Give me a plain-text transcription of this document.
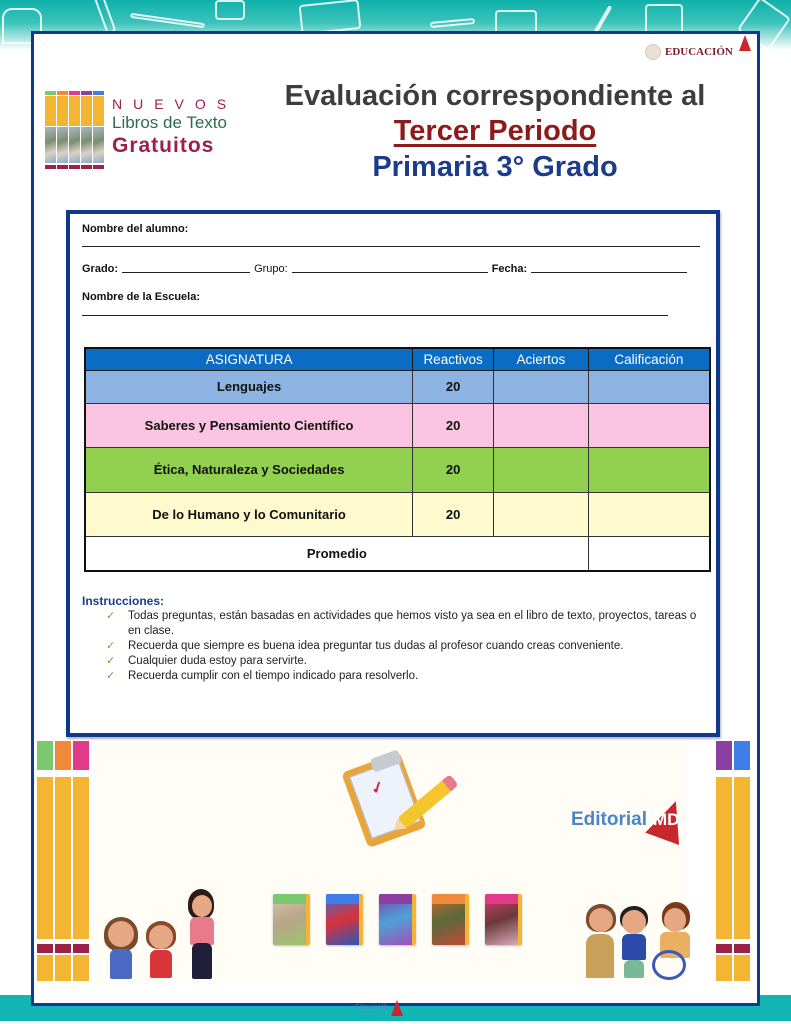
EDUCACIÓN
NUEVOS
Libros de Texto
Gratuitos
Evaluación correspondiente al
Tercer Periodo
Primaria 3° Grado
Nombre del alumno:
Grado:	Grupo:	Fecha:
Nombre de la Escuela:
ASIGNATURA	Reactivos	Aciertos	Calificación
Lenguajes	20		
Saberes y Pensamiento Científico	20		
Ética, Naturaleza y Sociedades	20		
De lo Humano y lo Comunitario	20		
Promedio			
Instrucciones:
✓ Todas preguntas, están basadas en actividades que hemos visto ya sea en el libro de texto, proyectos, tareas o en clase.
✓ Recuerda que siempre es buena idea preguntar tus dudas al profesor cuando creas conveniente.
✓ Cualquier duda estoy para servirte.
✓ Recuerda cumplir con el tiempo indicado para resolverlo.
✓
Editorial MD
Editorial MD
